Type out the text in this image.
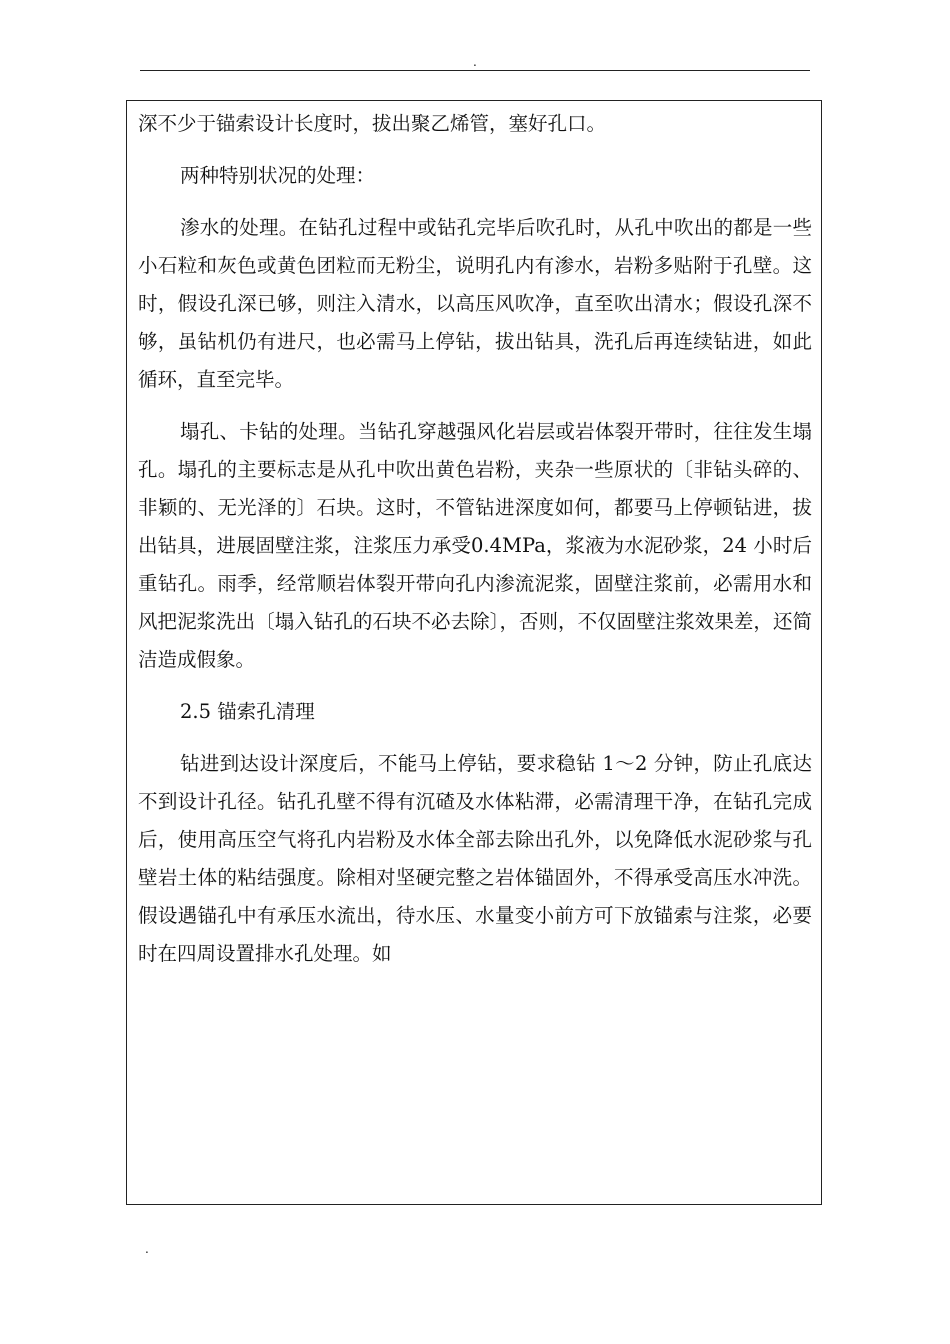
.

深不少于锚索设计长度时，拔出聚乙烯管，塞好孔口。

两种特别状况的处理：

渗水的处理。在钻孔过程中或钻孔完毕后吹孔时，从孔中吹出的都是一些小石粒和灰色或黄色团粒而无粉尘，说明孔内有渗水，岩粉多贴附于孔壁。这时，假设孔深已够，则注入清水，以高压风吹净，直至吹出清水；假设孔深不够，虽钻机仍有进尺，也必需马上停钻，拔出钻具，洗孔后再连续钻进，如此循环，直至完毕。

塌孔、卡钻的处理。当钻孔穿越强风化岩层或岩体裂开带时，往往发生塌孔。塌孔的主要标志是从孔中吹出黄色岩粉，夹杂一些原状的〔非钻头碎的、非颖的、无光泽的〕石块。这时，不管钻进深度如何，都要马上停顿钻进，拔出钻具，进展固壁注浆，注浆压力承受0.4MPa，浆液为水泥砂浆，24 小时后重钻孔。雨季，经常顺岩体裂开带向孔内渗流泥浆，固壁注浆前，必需用水和风把泥浆洗出〔塌入钻孔的石块不必去除〕，否则，不仅固壁注浆效果差，还简洁造成假象。

2.5 锚索孔清理

钻进到达设计深度后，不能马上停钻，要求稳钻 1～2 分钟，防止孔底达不到设计孔径。钻孔孔壁不得有沉碴及水体粘滞，必需清理干净，在钻孔完成后，使用高压空气将孔内岩粉及水体全部去除出孔外，以免降低水泥砂浆与孔壁岩土体的粘结强度。除相对坚硬完整之岩体锚固外，不得承受高压水冲洗。假设遇锚孔中有承压水流出，待水压、水量变小前方可下放锚索与注浆，必要时在四周设置排水孔处理。如

.
